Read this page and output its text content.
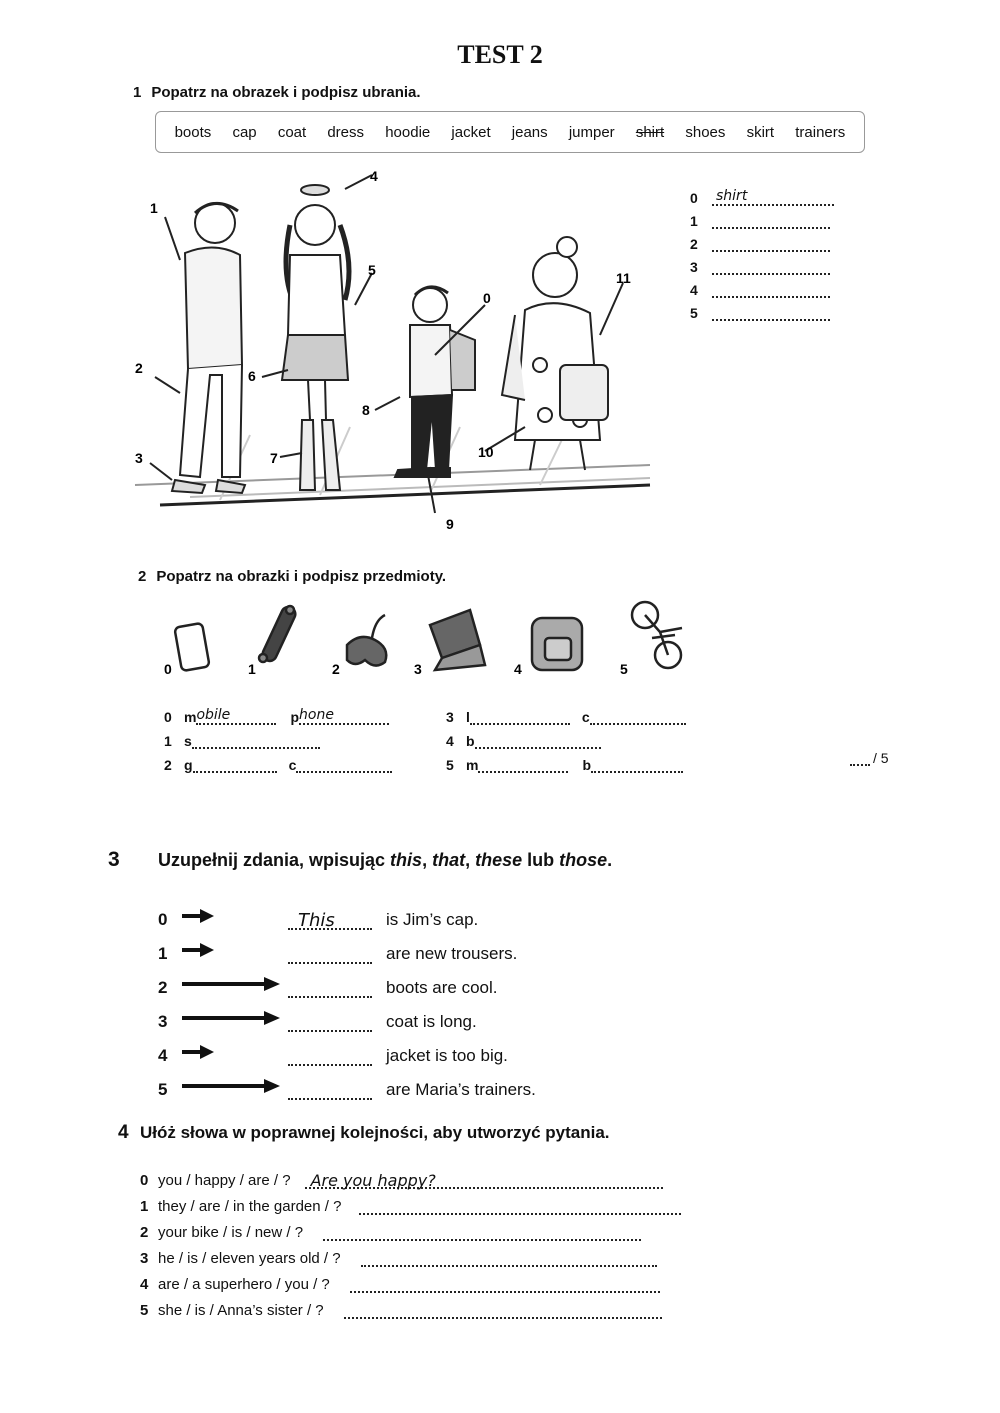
TEST 2
1 Popatrz na obrazek i podpisz ubrania.
boots cap coat dress hoodie jacket jeans jumper shirt shoes skirt trainers
1
2
3
4
5
6
7
8
9
10
11
0
0	shirt
1
2
3
4
5
2 Popatrz na obrazki i podpisz przedmioty.
0	1	2	3	4	5
0 m obile	p hone
1 s
2 g	c
3 l	c
4 b
5 m	b	/ 5
3	Uzupełnij zdania, wpisując this, that, these lub those.
0	This	is Jim’s cap.
1	are new trousers.
2	boots are cool.
3	coat is long.
4	jacket is too big.
5	are Maria’s trainers.
4 Ułóż słowa w poprawnej kolejności, aby utworzyć pytania.
0 you / happy / are / ?	Are you happy?
1 they / are / in the garden / ?
2 your bike / is / new / ?
3 he / is / eleven years old / ?
4 are / a superhero / you / ?
5 she / is / Anna’s sister / ?
